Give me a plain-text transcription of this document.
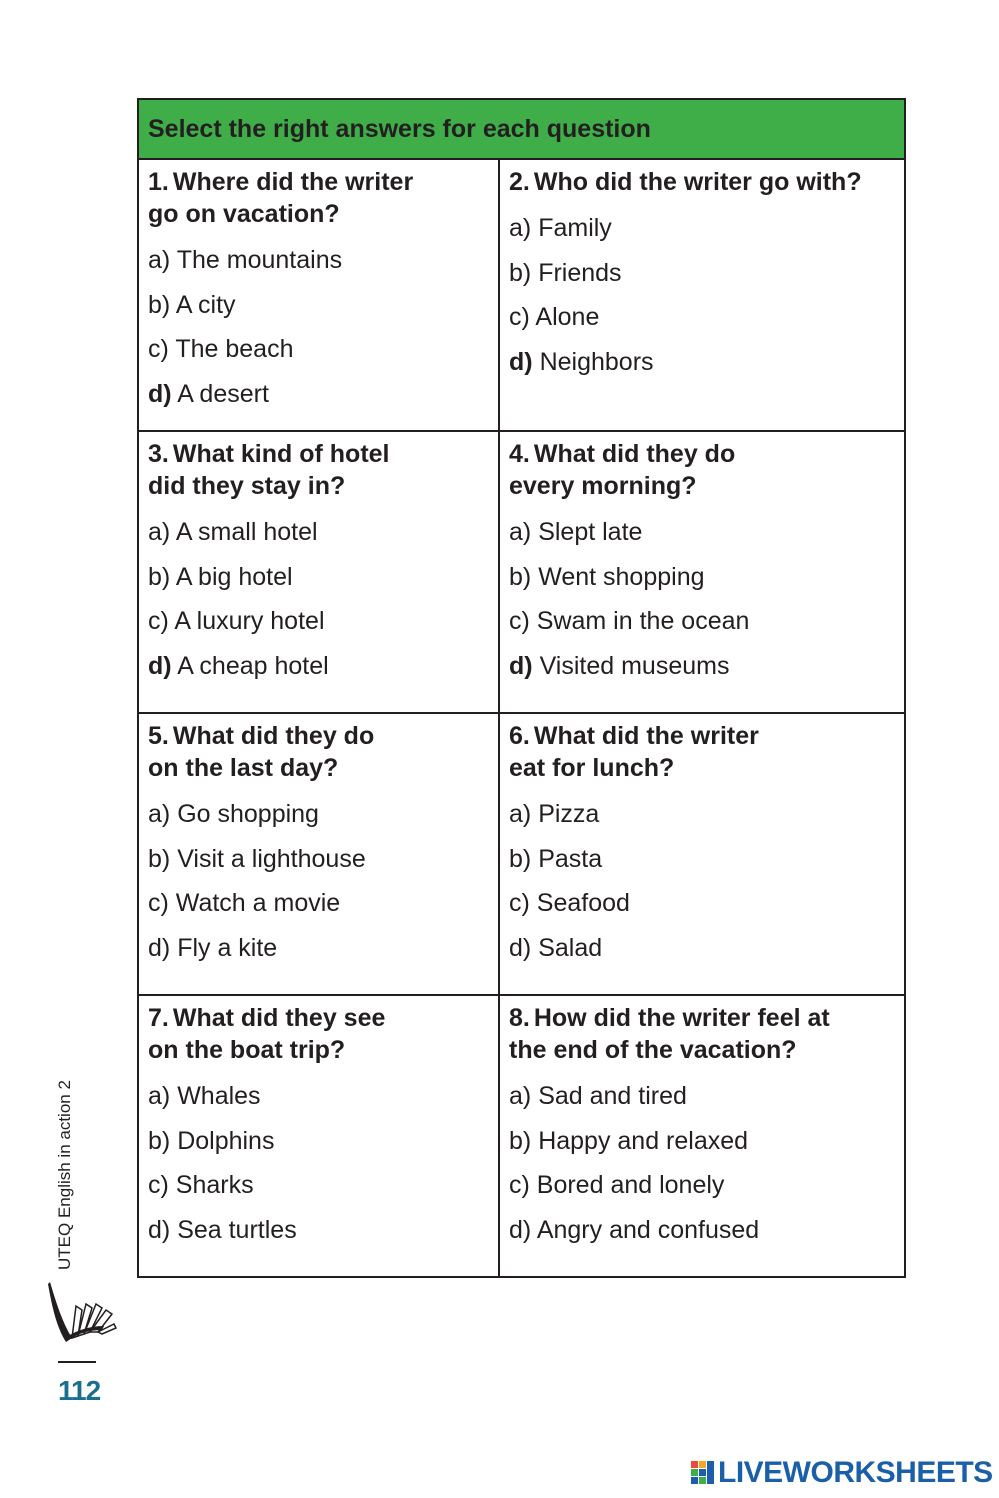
Select the right answers for each question
1. Where did the writer
go on vacation?
a) The mountains
b) A city
c) The beach
d) A desert
2. Who did the writer go with?
a) Family
b) Friends
c) Alone
d) Neighbors
3. What kind of hotel
did they stay in?
a) A small hotel
b) A big hotel
c) A luxury hotel
d) A cheap hotel
4. What did they do
every morning?
a) Slept late
b) Went shopping
c) Swam in the ocean
d) Visited museums
5. What did they do
on the last day?
a) Go shopping
b) Visit a lighthouse
c) Watch a movie
d) Fly a kite
6. What did the writer
eat for lunch?
a) Pizza
b) Pasta
c) Seafood
d) Salad
7. What did they see
on the boat trip?
a) Whales
b) Dolphins
c) Sharks
d) Sea turtles
8. How did the writer feel at
the end of the vacation?
a) Sad and tired
b) Happy and relaxed
c) Bored and lonely
d) Angry and confused
UTEQ English in action 2
112
LIVEWORKSHEETS
